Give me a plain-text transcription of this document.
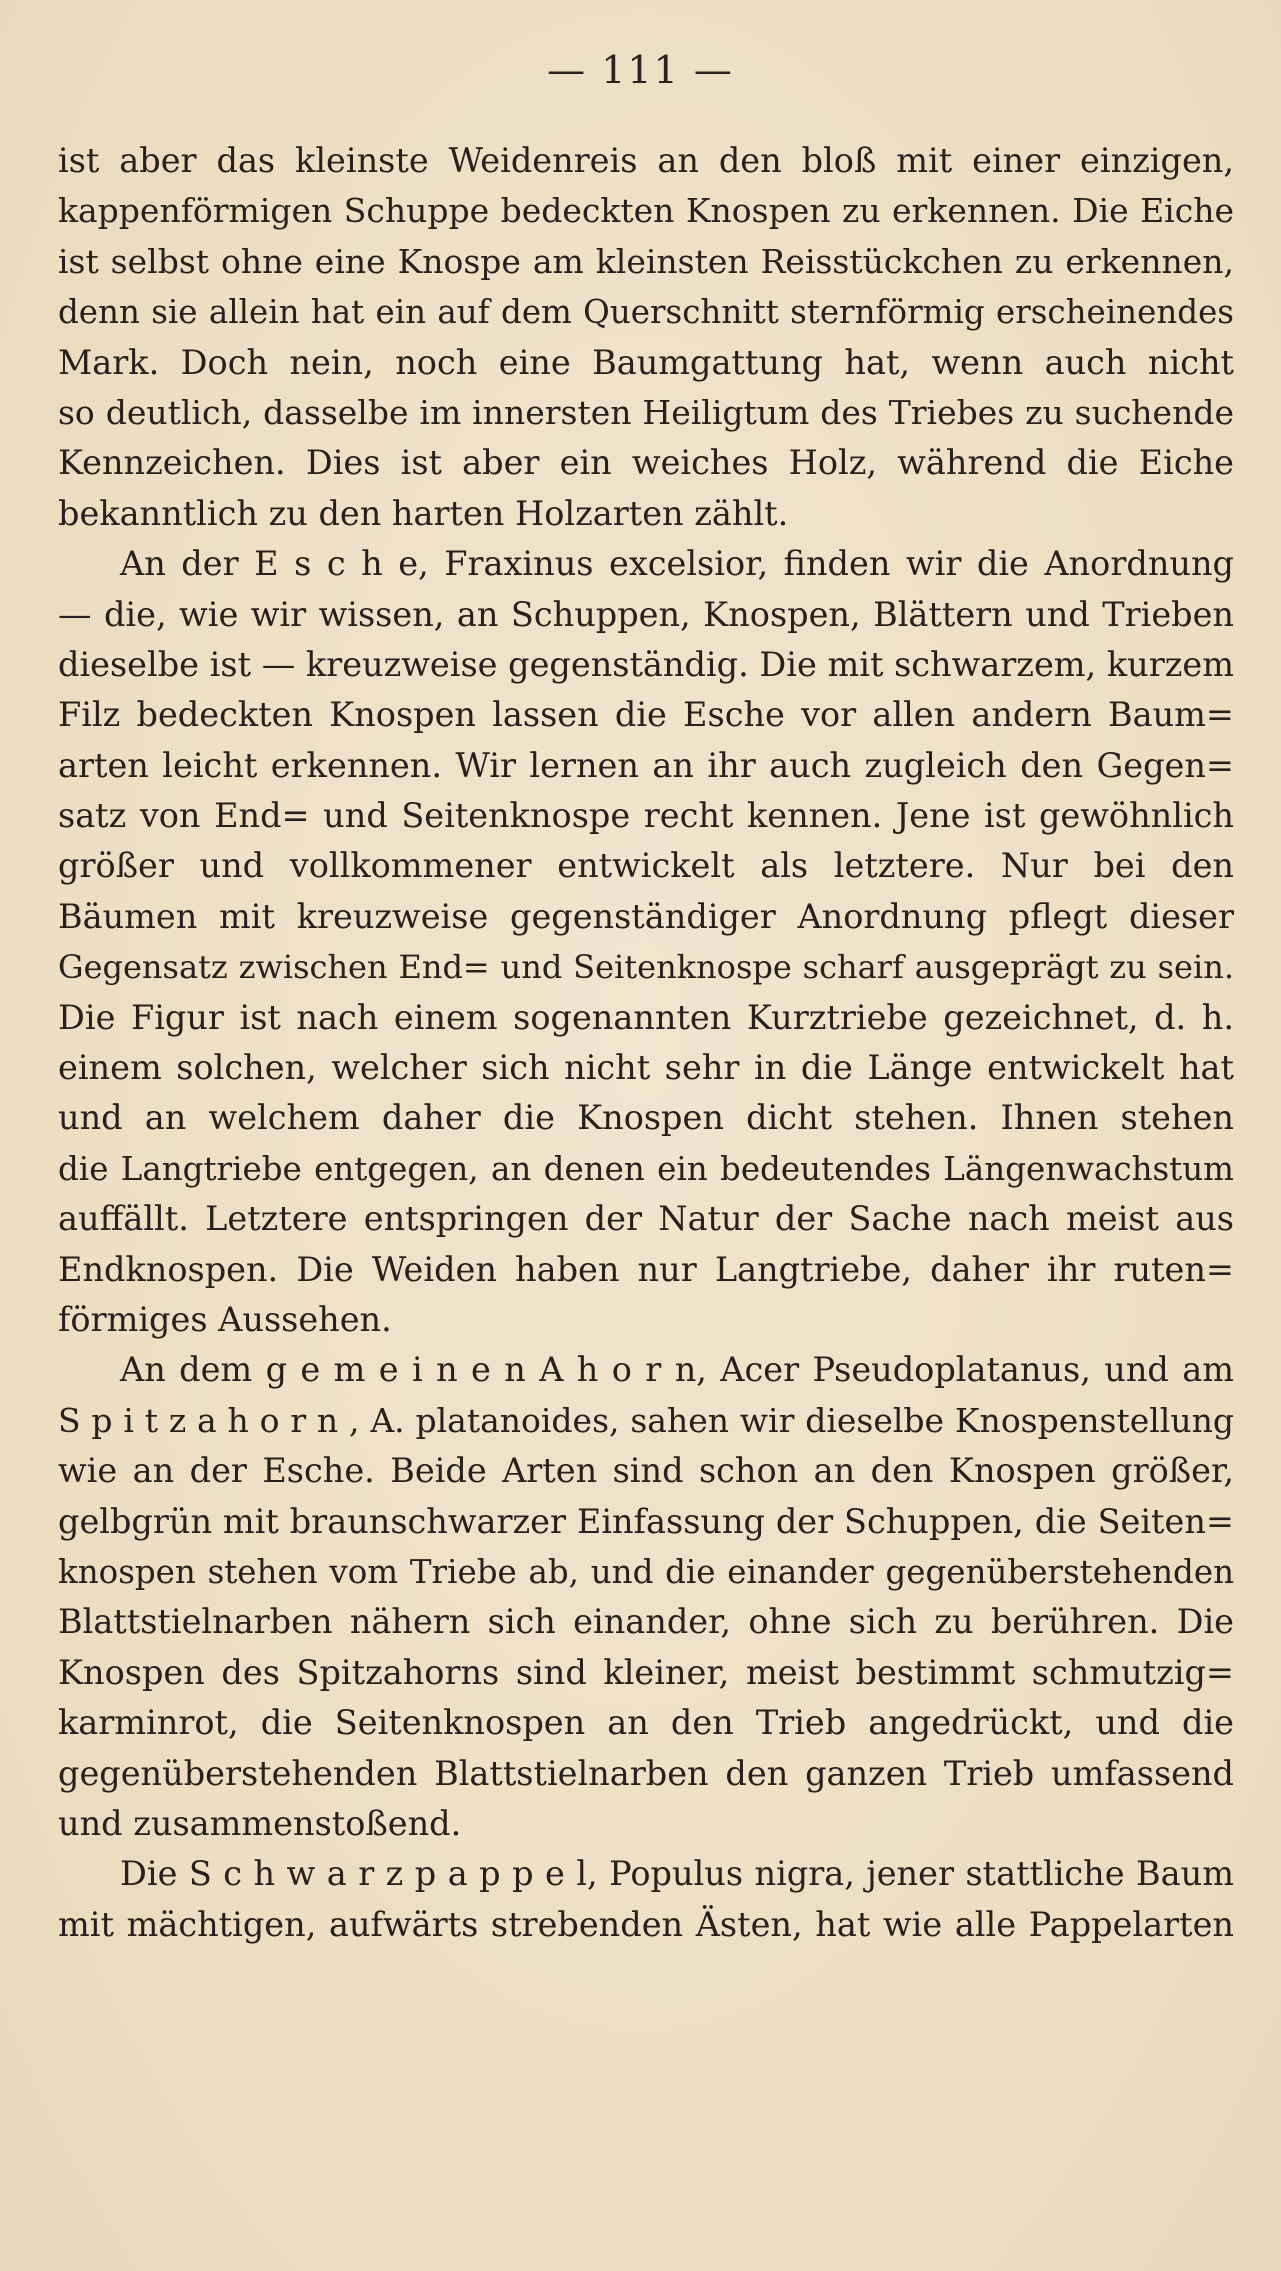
— 111 —
ist aber das kleinste Weidenreis an den bloß mit einer einzigen,
kappenförmigen Schuppe bedeckten Knospen zu erkennen. Die Eiche
ist selbst ohne eine Knospe am kleinsten Reisstückchen zu erkennen,
denn sie allein hat ein auf dem Querschnitt sternförmig erscheinendes
Mark. Doch nein, noch eine Baumgattung hat, wenn auch nicht
so deutlich, dasselbe im innersten Heiligtum des Triebes zu suchende
Kennzeichen. Dies ist aber ein weiches Holz, während die Eiche
bekanntlich zu den harten Holzarten zählt.
An der E s c h e, Fraxinus excelsior, finden wir die Anordnung
— die, wie wir wissen, an Schuppen, Knospen, Blättern und Trieben
dieselbe ist — kreuzweise gegenständig. Die mit schwarzem, kurzem
Filz bedeckten Knospen lassen die Esche vor allen andern Baum=
arten leicht erkennen. Wir lernen an ihr auch zugleich den Gegen=
satz von End= und Seitenknospe recht kennen. Jene ist gewöhnlich
größer und vollkommener entwickelt als letztere. Nur bei den
Bäumen mit kreuzweise gegenständiger Anordnung pflegt dieser
Gegensatz zwischen End= und Seitenknospe scharf ausgeprägt zu sein.
Die Figur ist nach einem sogenannten Kurztriebe gezeichnet, d. h.
einem solchen, welcher sich nicht sehr in die Länge entwickelt hat
und an welchem daher die Knospen dicht stehen. Ihnen stehen
die Langtriebe entgegen, an denen ein bedeutendes Längenwachstum
auffällt. Letztere entspringen der Natur der Sache nach meist aus
Endknospen. Die Weiden haben nur Langtriebe, daher ihr ruten=
förmiges Aussehen.
An dem g e m e i n e n A h o r n, Acer Pseudoplatanus, und am
S p i t z a h o r n , A. platanoides, sahen wir dieselbe Knospenstellung
wie an der Esche. Beide Arten sind schon an den Knospen größer,
gelbgrün mit braunschwarzer Einfassung der Schuppen, die Seiten=
knospen stehen vom Triebe ab, und die einander gegenüberstehenden
Blattstielnarben nähern sich einander, ohne sich zu berühren. Die
Knospen des Spitzahorns sind kleiner, meist bestimmt schmutzig=
karminrot, die Seitenknospen an den Trieb angedrückt, und die
gegenüberstehenden Blattstielnarben den ganzen Trieb umfassend
und zusammenstoßend.
Die S c h w a r z p a p p e l, Populus nigra, jener stattliche Baum
mit mächtigen, aufwärts strebenden Ästen, hat wie alle Pappelarten
